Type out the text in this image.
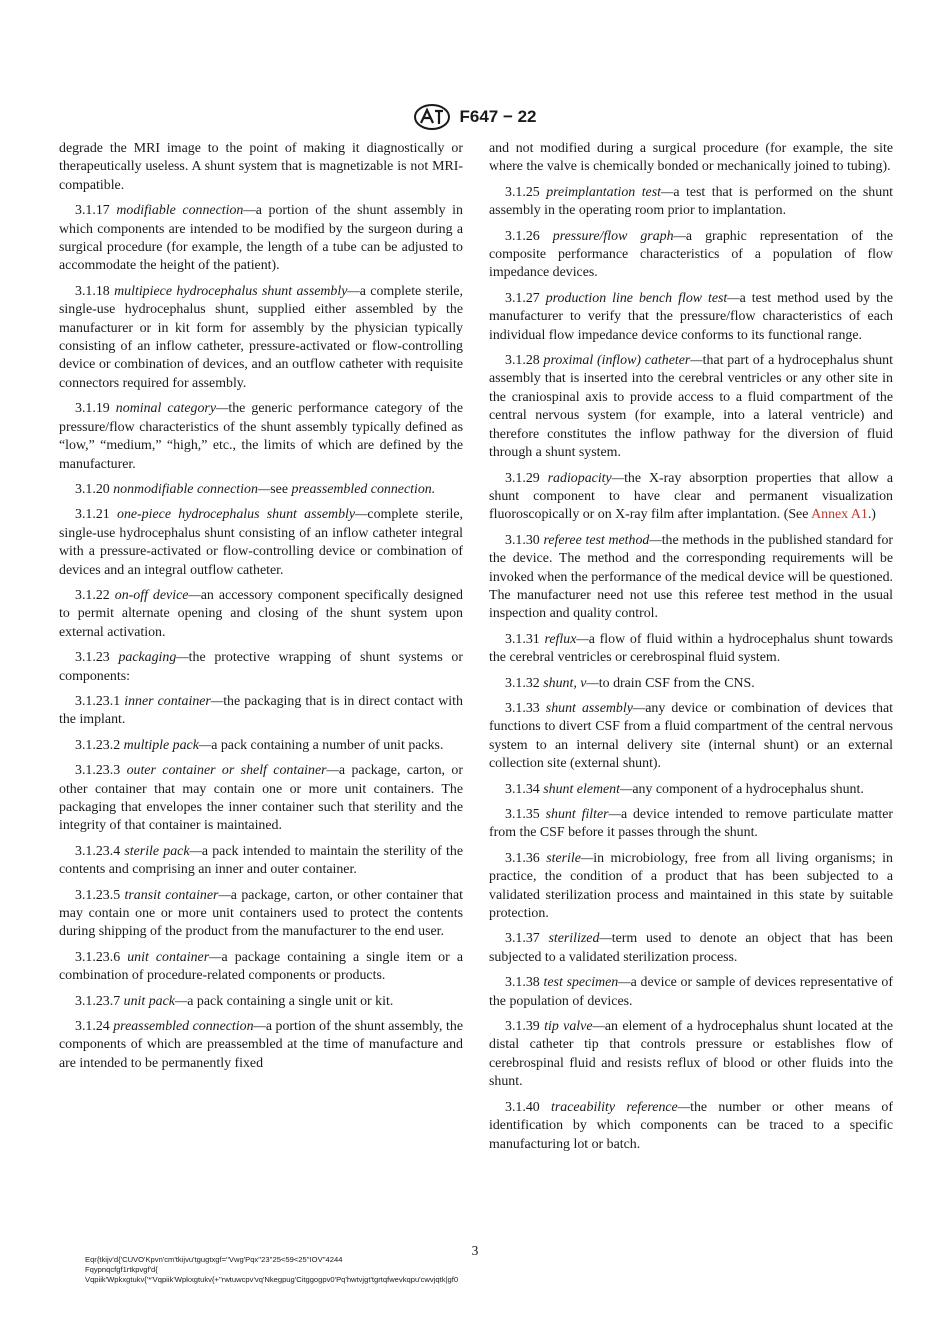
F647 − 22

degrade the MRI image to the point of making it diagnostically or therapeutically useless. A shunt system that is magnetizable is not MRI-compatible.

3.1.17 modifiable connection—a portion of the shunt assembly in which components are intended to be modified by the surgeon during a surgical procedure (for example, the length of a tube can be adjusted to accommodate the height of the patient).

3.1.18 multipiece hydrocephalus shunt assembly—a complete sterile, single-use hydrocephalus shunt, supplied either assembled by the manufacturer or in kit form for assembly by the physician typically consisting of an inflow catheter, pressure-activated or flow-controlling device or combination of devices, and an outflow catheter with requisite connectors required for assembly.

3.1.19 nominal category—the generic performance category of the pressure/flow characteristics of the shunt assembly typically defined as “low,” “medium,” “high,” etc., the limits of which are defined by the manufacturer.

3.1.20 nonmodifiable connection—see preassembled connection.

3.1.21 one-piece hydrocephalus shunt assembly—complete sterile, single-use hydrocephalus shunt consisting of an inflow catheter integral with a pressure-activated or flow-controlling device or combination of devices and an integral outflow catheter.

3.1.22 on-off device—an accessory component specifically designed to permit alternate opening and closing of the shunt system upon external activation.

3.1.23 packaging—the protective wrapping of shunt systems or components:

3.1.23.1 inner container—the packaging that is in direct contact with the implant.

3.1.23.2 multiple pack—a pack containing a number of unit packs.

3.1.23.3 outer container or shelf container—a package, carton, or other container that may contain one or more unit containers. The packaging that envelopes the inner container such that sterility and the integrity of that container is maintained.

3.1.23.4 sterile pack—a pack intended to maintain the sterility of the contents and comprising an inner and outer container.

3.1.23.5 transit container—a package, carton, or other container that may contain one or more unit containers used to protect the contents during shipping of the product from the manufacturer to the end user.

3.1.23.6 unit container—a package containing a single item or a combination of procedure-related components or products.

3.1.23.7 unit pack—a pack containing a single unit or kit.

3.1.24 preassembled connection—a portion of the shunt assembly, the components of which are preassembled at the time of manufacture and are intended to be permanently fixed

and not modified during a surgical procedure (for example, the site where the valve is chemically bonded or mechanically joined to tubing).

3.1.25 preimplantation test—a test that is performed on the shunt assembly in the operating room prior to implantation.

3.1.26 pressure/flow graph—a graphic representation of the composite performance characteristics of a population of flow impedance devices.

3.1.27 production line bench flow test—a test method used by the manufacturer to verify that the pressure/flow characteristics of each individual flow impedance device conforms to its functional range.

3.1.28 proximal (inflow) catheter—that part of a hydrocephalus shunt assembly that is inserted into the cerebral ventricles or any other site in the craniospinal axis to provide access to a fluid compartment of the central nervous system (for example, into a lateral ventricle) and therefore constitutes the inflow pathway for the diversion of fluid through a shunt system.

3.1.29 radiopacity—the X-ray absorption properties that allow a shunt component to have clear and permanent visualization fluoroscopically or on X-ray film after implantation. (See Annex A1.)

3.1.30 referee test method—the methods in the published standard for the device. The method and the corresponding requirements will be invoked when the performance of the medical device will be questioned. The manufacturer need not use this referee test method in the usual inspection and quality control.

3.1.31 reflux—a flow of fluid within a hydrocephalus shunt towards the cerebral ventricles or cerebrospinal fluid system.

3.1.32 shunt, v—to drain CSF from the CNS.

3.1.33 shunt assembly—any device or combination of devices that functions to divert CSF from a fluid compartment of the central nervous system to an internal delivery site (internal shunt) or an external collection site (external shunt).

3.1.34 shunt element—any component of a hydrocephalus shunt.

3.1.35 shunt filter—a device intended to remove particulate matter from the CSF before it passes through the shunt.

3.1.36 sterile—in microbiology, free from all living organisms; in practice, the condition of a product that has been subjected to a validated sterilization process and maintained in this state by suitable protection.

3.1.37 sterilized—term used to denote an object that has been subjected to a validated sterilization process.

3.1.38 test specimen—a device or sample of devices representative of the population of devices.

3.1.39 tip valve—an element of a hydrocephalus shunt located at the distal catheter tip that controls pressure or establishes flow of cerebrospinal fluid and resists reflux of blood or other fluids into the shunt.

3.1.40 traceability reference—the number or other means of identification by which components can be traced to a specific manufacturing lot or batch.

3
Eqr{tkijv'd{'CUVO'Kpvn'cm'tkijvu'tgugtxgf=''Vwg'Pqx''23''25<59<25''IOV''4244
Fqypnqcfgf1rtkpvgf'd{
Vqpiik'Wpkxgtukv{'*'Vqpiik'Wpkxgtukv{+''rwtuwcpv'vq'Nkegpug'Citggogpv0'Pq'hwtvjgt'tgrtqfwevkqpu'cwvjqtk|gf0
